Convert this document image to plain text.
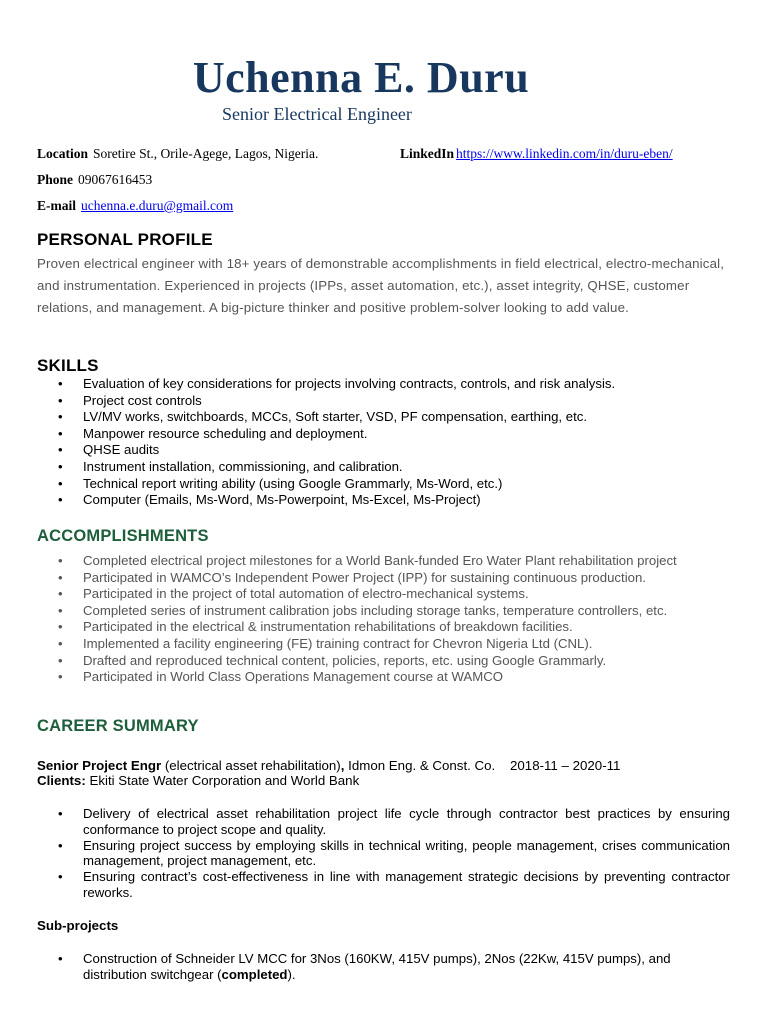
Uchenna E. Duru
Senior Electrical Engineer
Location Soretire St., Orile-Agege, Lagos, Nigeria.	LinkedIn https://www.linkedin.com/in/duru-eben/
Phone 09067616453
E-mail uchenna.e.duru@gmail.com
PERSONAL PROFILE
Proven electrical engineer with 18+ years of demonstrable accomplishments in field electrical, electro-mechanical, and instrumentation. Experienced in projects (IPPs, asset automation, etc.), asset integrity, QHSE, customer relations, and management. A big-picture thinker and positive problem-solver looking to add value.
SKILLS
• Evaluation of key considerations for projects involving contracts, controls, and risk analysis.
• Project cost controls
• LV/MV works, switchboards, MCCs, Soft starter, VSD, PF compensation, earthing, etc.
• Manpower resource scheduling and deployment.
• QHSE audits
• Instrument installation, commissioning, and calibration.
• Technical report writing ability (using Google Grammarly, Ms-Word, etc.)
• Computer (Emails, Ms-Word, Ms-Powerpoint, Ms-Excel, Ms-Project)
ACCOMPLISHMENTS
• Completed electrical project milestones for a World Bank-funded Ero Water Plant rehabilitation project
• Participated in WAMCO’s Independent Power Project (IPP) for sustaining continuous production.
• Participated in the project of total automation of electro-mechanical systems.
• Completed series of instrument calibration jobs including storage tanks, temperature controllers, etc.
• Participated in the electrical & instrumentation rehabilitations of breakdown facilities.
• Implemented a facility engineering (FE) training contract for Chevron Nigeria Ltd (CNL).
• Drafted and reproduced technical content, policies, reports, etc. using Google Grammarly.
• Participated in World Class Operations Management course at WAMCO
CAREER SUMMARY
Senior Project Engr (electrical asset rehabilitation), Idmon Eng. & Const. Co. 2018-11 – 2020-11
Clients: Ekiti State Water Corporation and World Bank
• Delivery of electrical asset rehabilitation project life cycle through contractor best practices by ensuring conformance to project scope and quality.
• Ensuring project success by employing skills in technical writing, people management, crises communication management, project management, etc.
• Ensuring contract’s cost-effectiveness in line with management strategic decisions by preventing contractor reworks.
Sub-projects
• Construction of Schneider LV MCC for 3Nos (160KW, 415V pumps), 2Nos (22Kw, 415V pumps), and distribution switchgear (completed).
